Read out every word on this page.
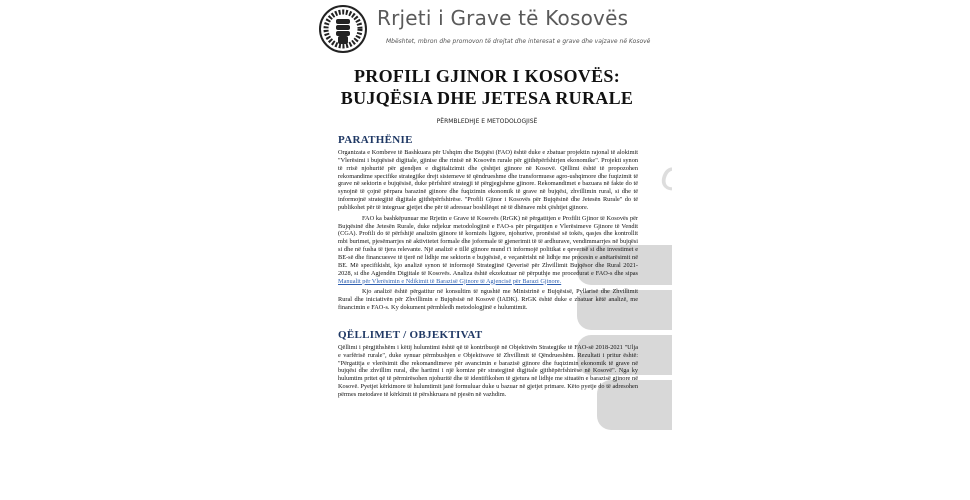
ovo
Rrjeti i Grave të Kosovës
Mbështet, mbron dhe promovon të drejtat dhe interesat e grave dhe vajzave në Kosovë
PROFILI GJINOR I KOSOVËS:
BUJQËSIA DHE JETESA RURALE
PËRMBLEDHJE E METODOLOGJISË
PARATHËNIE

Organizata e Kombeve të Bashkuara për Ushqim dhe Bujqësi (FAO) është duke e zbatuar projektin rajonal të alokimit "Vlerësimi i bujqësisë digjitale, gjinise dhe rinisë në Kosovën rurale për gjithëpërfshirjen ekonomike". Projekti synon të rrisë njohuritë për gjendjen e digjitalizimit dhe çështjet gjinore në Kosovë. Qëllimi është të propozohen rekomandime specifike strategjike drejt sistemeve të qëndrueshme dhe transformuese agro-ushqimore dhe fuqizimit të grave në sektorin e bujqësisë, duke përfshirë strategji të përgjegjshme gjinore. Rekomandimet e bazuara në fakte do të synojnë të çojnë përpara barazinë gjinore dhe fuqizimin ekonomik të grave në bujqësi, zhvillimin rural, si dhe të informojnë strategjitë digjitale gjithëpërfshirëse. "Profili Gjinor i Kosovës për Bujqësinë dhe Jetesën Rurale" do të publikohet për të integruar gjetjet dhe për të adresuar boshllëqet në të dhënave mbi çështjet gjinore.

FAO ka bashkëpunuar me Rrjetin e Grave të Kosovës (RrGK) në përgatitjen e Profilit Gjinor të Kosovës për Bujqësinë dhe Jetesën Rurale, duke ndjekur metodologjinë e FAO-s për përgatitjen e Vlerësimeve Gjinore të Vendit (CGA). Profili do të përfshijë analizën gjinore të kornizës ligjore, njohurive, pronësisë së tokës, qasjes dhe kontrollit mbi burimet, pjesëmarrjes në aktivitetet formale dhe joformale të gjenerimit të të ardhurave, vendimmarrjes në bujqësi si dhe në fusha të tjera relevante. Një analizë e tillë gjinore mund t'i informojë politikat e qeverisë si dhe investimet e BE-së dhe financuesve të tjerë në lidhje me sektorin e bujqësisë, e veçanërisht në lidhje me procesin e anëtarësimit në BE. Më specifikisht, kjo analizë synon të informojë Strategjinë Qeverisë për Zhvillimit Bujqësor dhe Rural 2021-2028, si dhe Agjendën Digjitale të Kosovës. Analiza është ekzekutuar në përputhje me procedurat e FAO-s dhe sipas Manualit për Vlerësimin e Ndikimit të Barazisë Gjinore të Agjencisë për Barazi Gjinore.

Kjo analizë është përgatitur në konsultim të ngushtë me Ministrinë e Bujqësisë, Pyllarisë dhe Zhvillimit Rural dhe iniciativën për Zhvillimin e Bujqësisë në Kosovë (IADK). RrGK është duke e zbatuar këtë analizë, me financimin e FAO-s. Ky dokument përmbledh metodologjinë e hulumtimit.

QËLLIMET / OBJEKTIVAT

Qëllimi i përgjithshëm i këtij hulumtimi është që të kontribuojë në Objektivën Strategjike të FAO-së 2018-2021 "Ulja e varfërisë rurale", duke synuar përmbushjen e Objektivave të Zhvillimit të Qëndrueshëm. Rezultati i pritur është: "Përgatitja e vlerësimit dhe rekomandimeve për avancimin e barazisë gjinore dhe fuqizimin ekonomik të grave në bujqësi dhe zhvillim rural, dhe hartimi i një kornize për strategjinë digjitale gjithëpërfshirëse në Kosovë". Nga ky hulumtim pritet që të përmirësohen njohuritë dhe të identifikohen të gjetura në lidhje me situatën e barazisë gjinore në Kosovë. Pyetjet kërkimore të hulumtimit janë formuluar duke u bazuar në gjetjet primare. Këto pyetje do të adresohen përmes metodave të kërkimit të përshkruara në pjesën në vazhdim.
